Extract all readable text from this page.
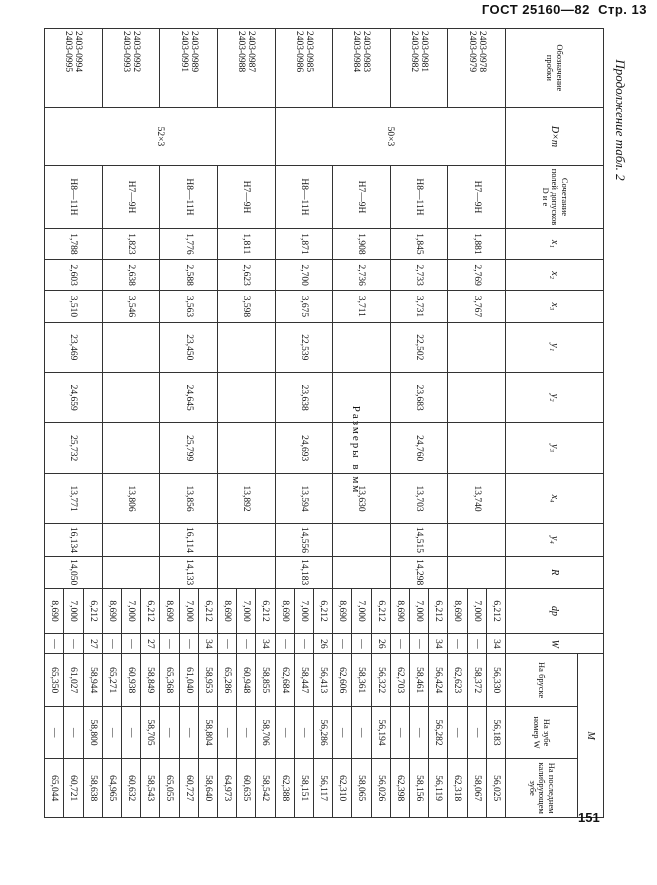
ГОСТ 25160—82 Стр. 13
Продолжение табл. 2
Размеры в мм
Обозначение пробки	D×m	Сочетание полей допусков D и e	x₁	x₂	x₃	y₁	y₂	y₃	x₄	y₄	R	dр	W	M		
														На бруске	На зубе номер W	На последнем калибрующем зубе

2403-0978
2403-0979	50×3	H7—9H	1,881	2,769	3,767				13,740			6,212	34	56,330	56,183	56,025
												7,000	—	58,372	—	58,067
												8,690	—	62,623	—	62,318

2403-0981
2403-0982		H8—11H	1,845	2,733	3,731	22,502	23,683	24,760	13,703	14,515	14,298	6,212	34	56,424	56,282	56,119
												7,000	—	58,461	—	58,156
												8,690	—	62,703	—	62,398

2403-0983
2403-0984		H7—9H	1,908	2,736	3,711				13,630			6,212	26	56,322	56,194	56,026
												7,000	—	58,361	—	58,065
												8,690	—	62,606	—	62,310

2403-0985
2403-0986		H8—11H	1,871	2,700	3,675	22,539	23,638	24,693	13,594	14,556	14,183	6,212	26	56,413	56,286	56,117
												7,000	—	58,447	—	58,151
												8,690	—	62,684	—	62,388

2403-0987
2403-0988	52×3	H7—9H	1,811	2,623	3,598				13,892			6,212	34	58,855	58,706	58,542
												7,000	—	60,948	—	60,635
												8,690	—	65,286	—	64,973

2403-0989
2403-0991		H8—11H	1,776	2,588	3,563	23,450	24,645	25,799	13,856	16,114	14,133	6,212	34	58,953	58,804	58,640
												7,000	—	61,040	—	60,727
												8,690	—	65,368	—	65,055

2403-0992
2403-0993		H7—9H	1,823	2,638	3,546				13,806			6,212	27	58,849	58,705	58,543
												7,000	—	60,938	—	60,632
												8,690	—	65,271	—	64,965

2403-0994
2403-0995		H8—11H	1,788	2,603	3,510	23,469	24,659	25,732	13,771	16,134	14,050	6,212	27	58,944	58,800	58,638
												7,000	—	61,027	—	60,721
												8,690	—	65,350	—	65,044
151
